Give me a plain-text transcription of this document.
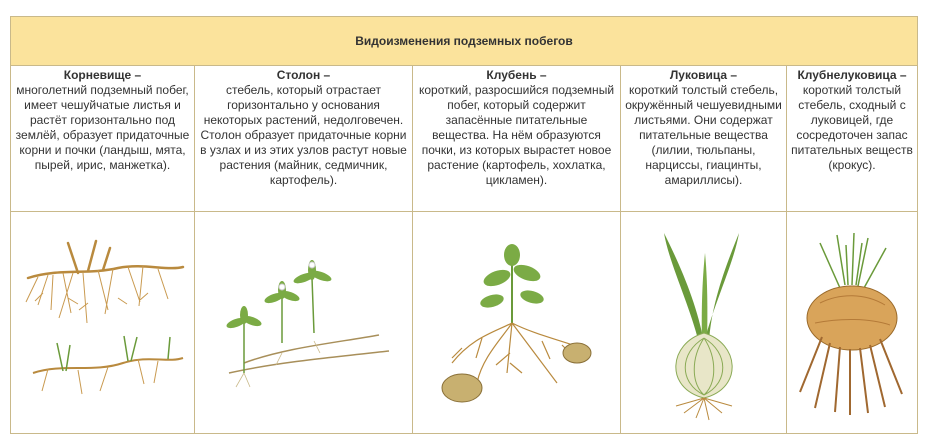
Видоизменения подземных побегов
Корневище –
многолетний подземный побег, имеет чешуйчатые листья и растёт горизонтально под землёй, образует придаточные корни и почки (ландыш, мята, пырей, ирис, манжетка).
Столон –
стебель, который отрастает горизонтально у основания некоторых растений, недолговечен. Столон образует придаточные корни в узлах и из этих узлов растут новые растения (майник, седмичник, картофель).
Клубень –
короткий, разросшийся подземный побег, который содержит запасённые питательные вещества. На нём образуются почки, из которых вырастет новое растение (картофель, хохлатка, цикламен).
Луковица –
короткий толстый стебель, окружённый чешуевидными листьями. Они содержат питательные вещества (лилии, тюльпаны, нарциссы, гиацинты, амариллисы).
Клубнелуковица –
короткий толстый стебель, сходный с луковицей, где сосредоточен запас питательных веществ (крокус).
